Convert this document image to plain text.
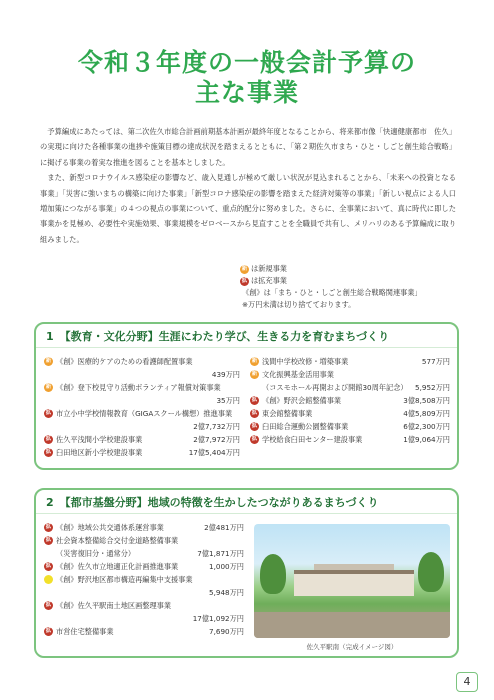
令和３年度の一般会計予算の
主な事業

予算編成にあたっては、第二次佐久市総合計画前期基本計画が最終年度となることから、将来都市像「快適健康都市　佐久」の実現に向けた各種事業の進捗や施策目標の達成状況を踏まえるとともに、「第２期佐久市まち・ひと・しごと創生総合戦略」に掲げる事業の着実な推進を図ることを基本としました。

また、新型コロナウイルス感染症の影響など、歳入見通しが極めて厳しい状況が見込まれることから、「未来への投資となる事業」「災害に強いまちの構築に向けた事業」「新型コロナ感染症の影響を踏まえた経済対策等の事業」「新しい視点による人口増加策につながる事業」の４つの視点の事業について、重点的配分に努めました。さらに、全事業において、真に時代に即した事業かを見極め、必要性や実施効果、事業規模をゼロベースから見直すことを全職員で共有し、メリハリのある予算編成に取り組みました。

新 は新規事業
拡 は拡充事業
《創》は「まち・ひと・しごと創生総合戦略関連事業」
※万円未満は切り捨てております。
1 【教育・文化分野】生涯にわたり学び、生きる力を育むまちづくり
新 《創》医療的ケアのための看護師配置事業
439万円
新 《創》登下校見守り活動ボランティア報償対策事業
35万円
拡 市立小中学校情報教育（GIGAスクール構想）推進事業
2億7,732万円
拡 佐久平浅間小学校建設事業	2億7,972万円
拡 臼田地区新小学校建設事業	17億5,404万円
新 浅間中学校改修・増築事業	577万円
新 文化振興基金活用事業
（コスモホール再開および開館30周年記念）	5,952万円
拡 《創》野沢会館整備事業	3億8,508万円
拡 東会館整備事業	4億5,809万円
拡 臼田総合運動公園整備事業	6億2,300万円
拡 学校給食臼田センター建設事業	1億9,064万円
2 【都市基盤分野】地域の特徴を生かしたつながりあるまちづくり
拡 《創》地域公共交通体系運営事業	2億481万円
拡 社会資本整備総合交付金道路整備事業
（災害復旧分・通常分）	7億1,871万円
拡 《創》佐久市立地適正化計画推進事業	1,000万円
《創》野沢地区都市構造再編集中支援事業
5,948万円
拡 《創》佐久平駅南土地区画整理事業
17億1,092万円
拡 市営住宅整備事業	7,690万円
佐久平駅南（完成イメージ図）
4
